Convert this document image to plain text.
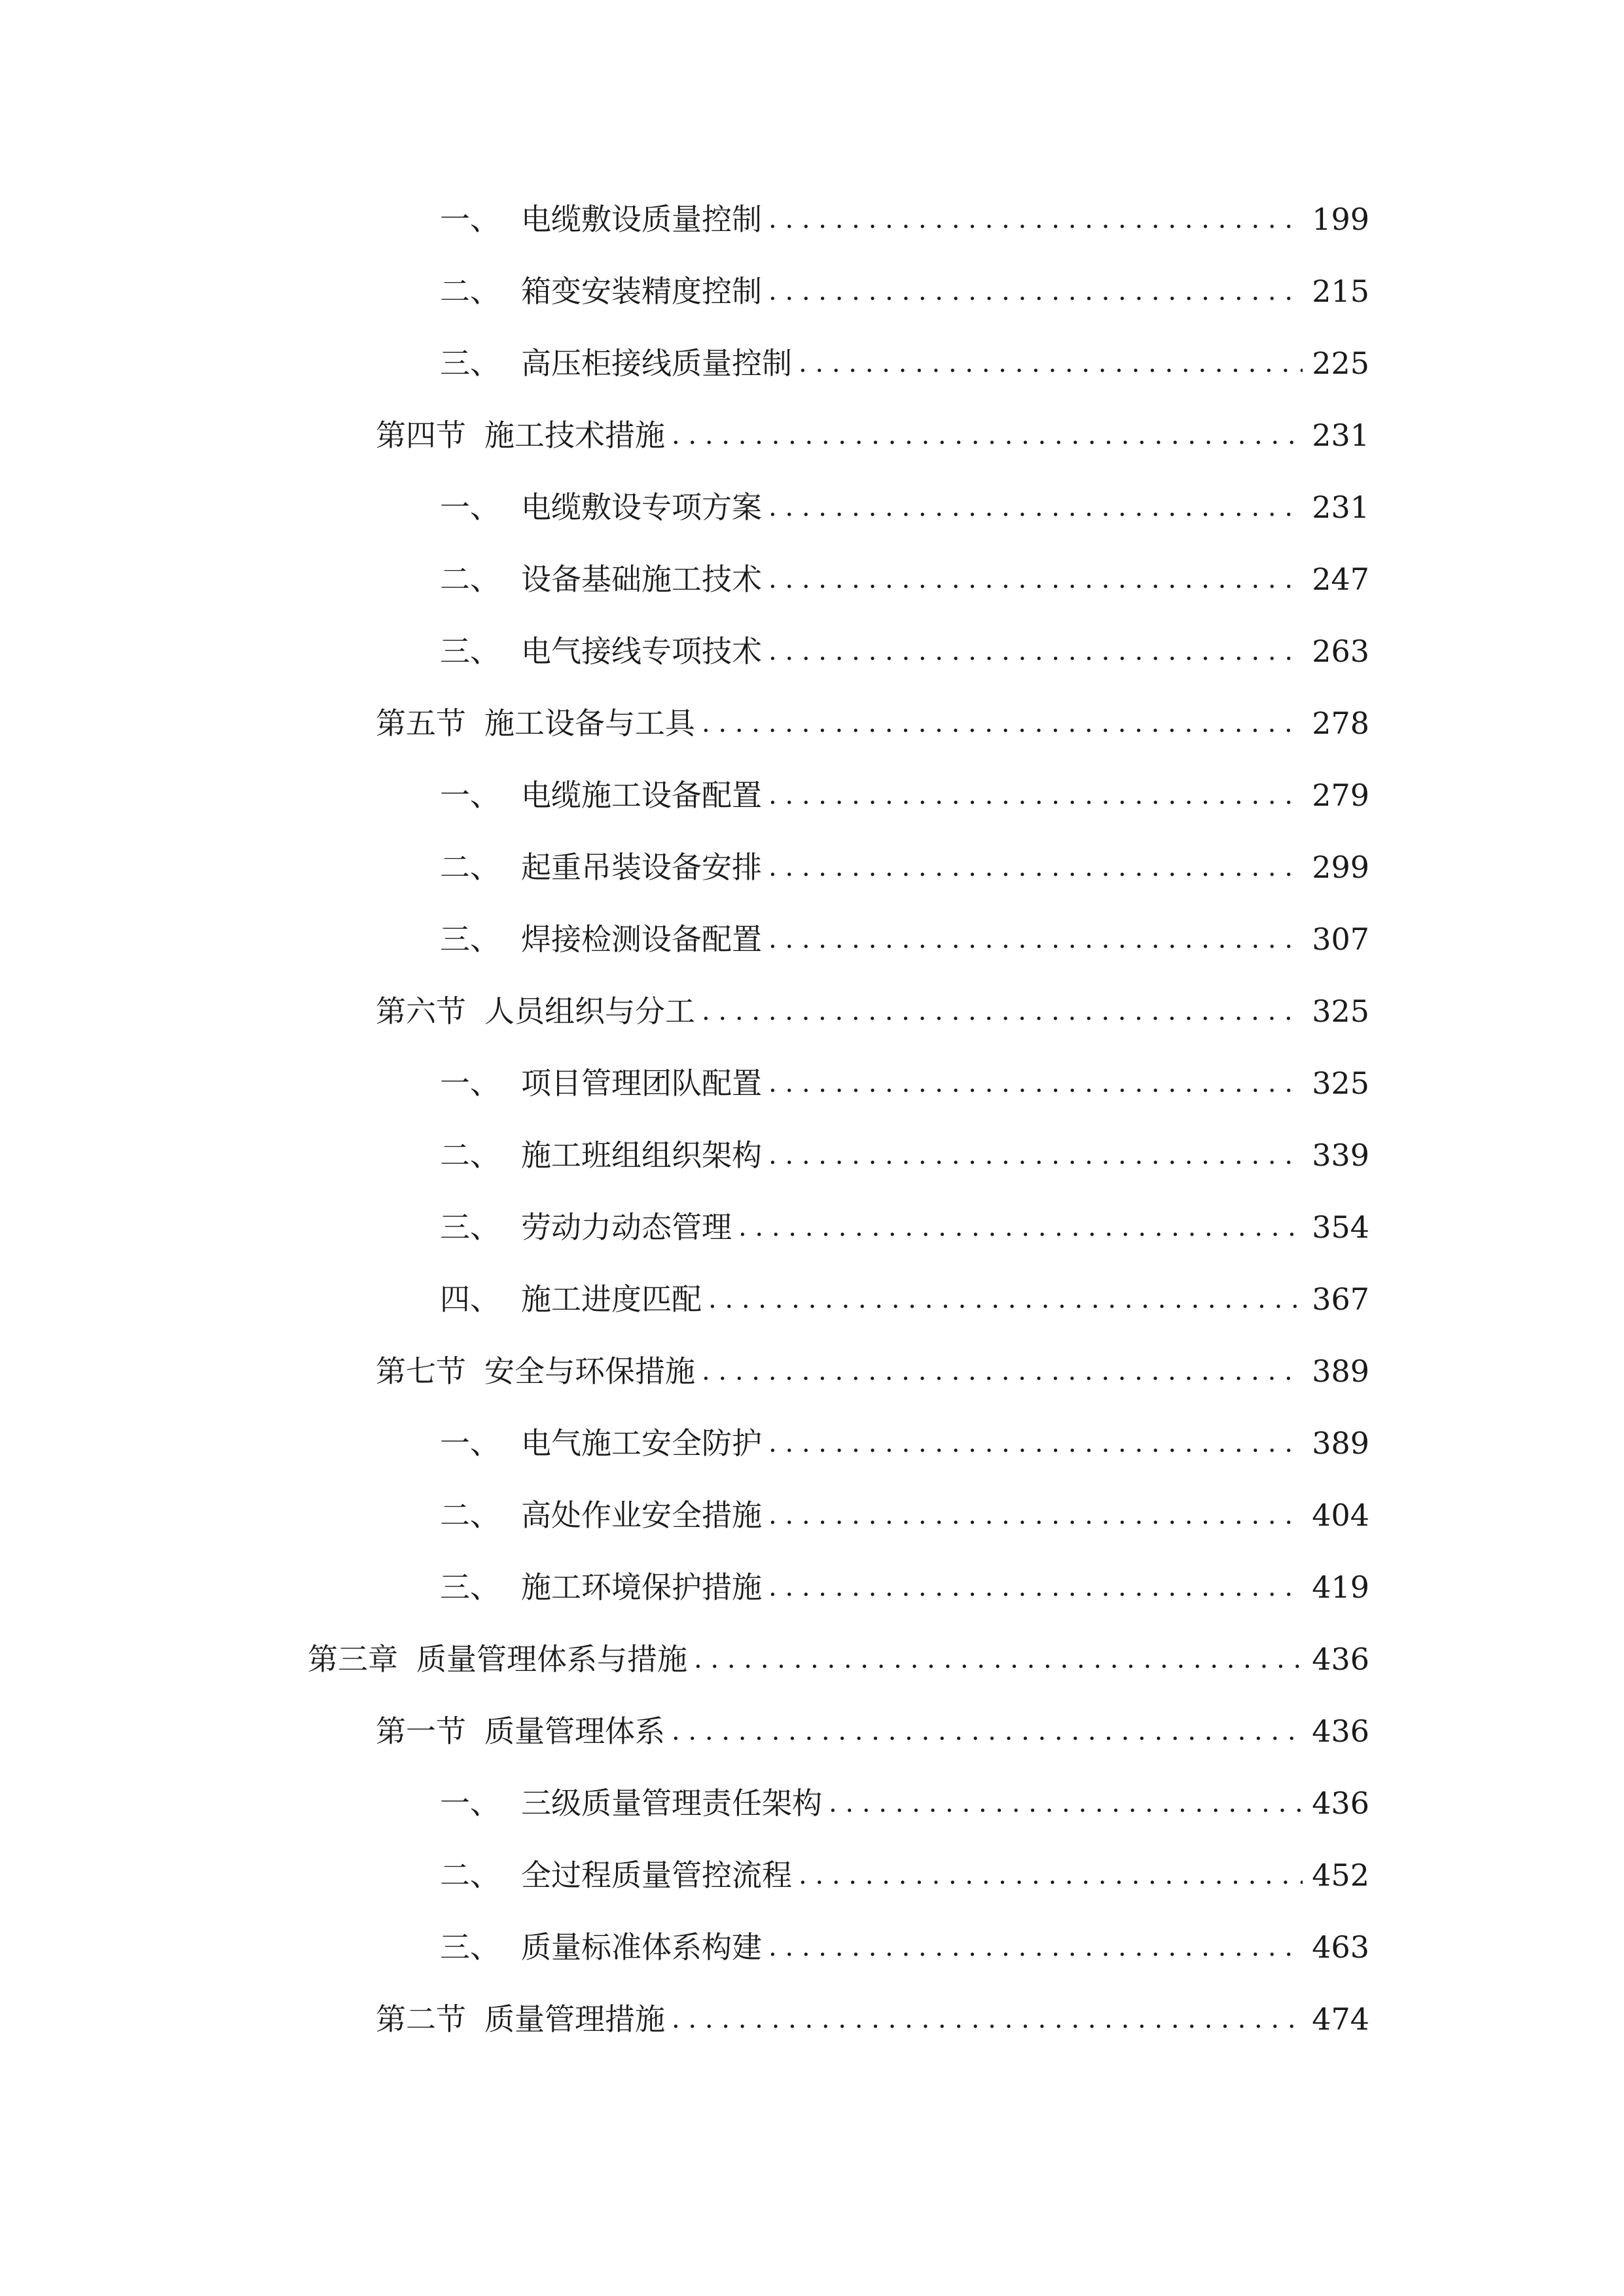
一、 电缆敷设质量控制 . . .	199
二、 箱变安装精度控制 . . .	215
三、 高压柜接线质量控制 . . .	225
第四节 施工技术措施 . . .	231
一、 电缆敷设专项方案 . . .	231
二、 设备基础施工技术 . . .	247
三、 电气接线专项技术 . . .	263
第五节 施工设备与工具 . . .	278
一、 电缆施工设备配置 . . .	279
二、 起重吊装设备安排 . . .	299
三、 焊接检测设备配置 . . .	307
第六节 人员组织与分工 . . .	325
一、 项目管理团队配置 . . .	325
二、 施工班组组织架构 . . .	339
三、 劳动力动态管理 . . .	354
四、 施工进度匹配 . . .	367
第七节 安全与环保措施 . . .	389
一、 电气施工安全防护 . . .	389
二、 高处作业安全措施 . . .	404
三、 施工环境保护措施 . . .	419
第三章 质量管理体系与措施 . . .	436
第一节 质量管理体系 . . .	436
一、 三级质量管理责任架构 . . .	436
二、 全过程质量管控流程 . . .	452
三、 质量标准体系构建 . . .	463
第二节 质量管理措施 . . .	474
